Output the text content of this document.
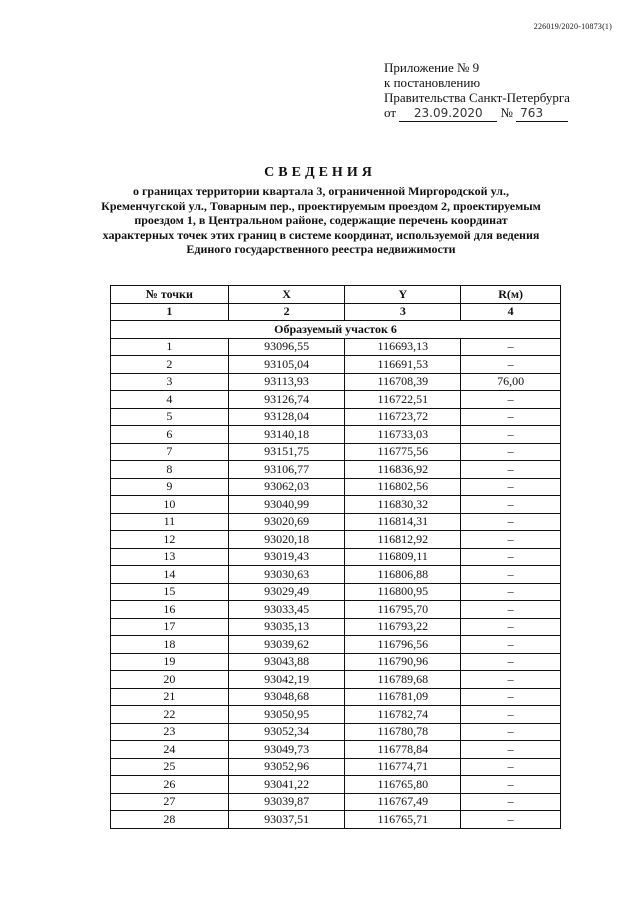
226019/2020-10873(1)
Приложение № 9
к постановлению
Правительства Санкт-Петербурга
от 23.09.2020 № 763
СВЕДЕНИЯ
о границах территории квартала 3, ограниченной Миргородской ул., Кременчугской ул., Товарным пер., проектируемым проездом 2, проектируемым проездом 1, в Центральном районе, содержащие перечень координат характерных точек этих границ в системе координат, используемой для ведения Единого государственного реестра недвижимости
№ точки	X	Y	R(м)
1	2	3	4
Образуемый участок 6			
1	93096,55	116693,13	–
2	93105,04	116691,53	–
3	93113,93	116708,39	76,00
4	93126,74	116722,51	–
5	93128,04	116723,72	–
6	93140,18	116733,03	–
7	93151,75	116775,56	–
8	93106,77	116836,92	–
9	93062,03	116802,56	–
10	93040,99	116830,32	–
11	93020,69	116814,31	–
12	93020,18	116812,92	–
13	93019,43	116809,11	–
14	93030,63	116806,88	–
15	93029,49	116800,95	–
16	93033,45	116795,70	–
17	93035,13	116793,22	–
18	93039,62	116796,56	–
19	93043,88	116790,96	–
20	93042,19	116789,68	–
21	93048,68	116781,09	–
22	93050,95	116782,74	–
23	93052,34	116780,78	–
24	93049,73	116778,84	–
25	93052,96	116774,71	–
26	93041,22	116765,80	–
27	93039,87	116767,49	–
28	93037,51	116765,71	–
